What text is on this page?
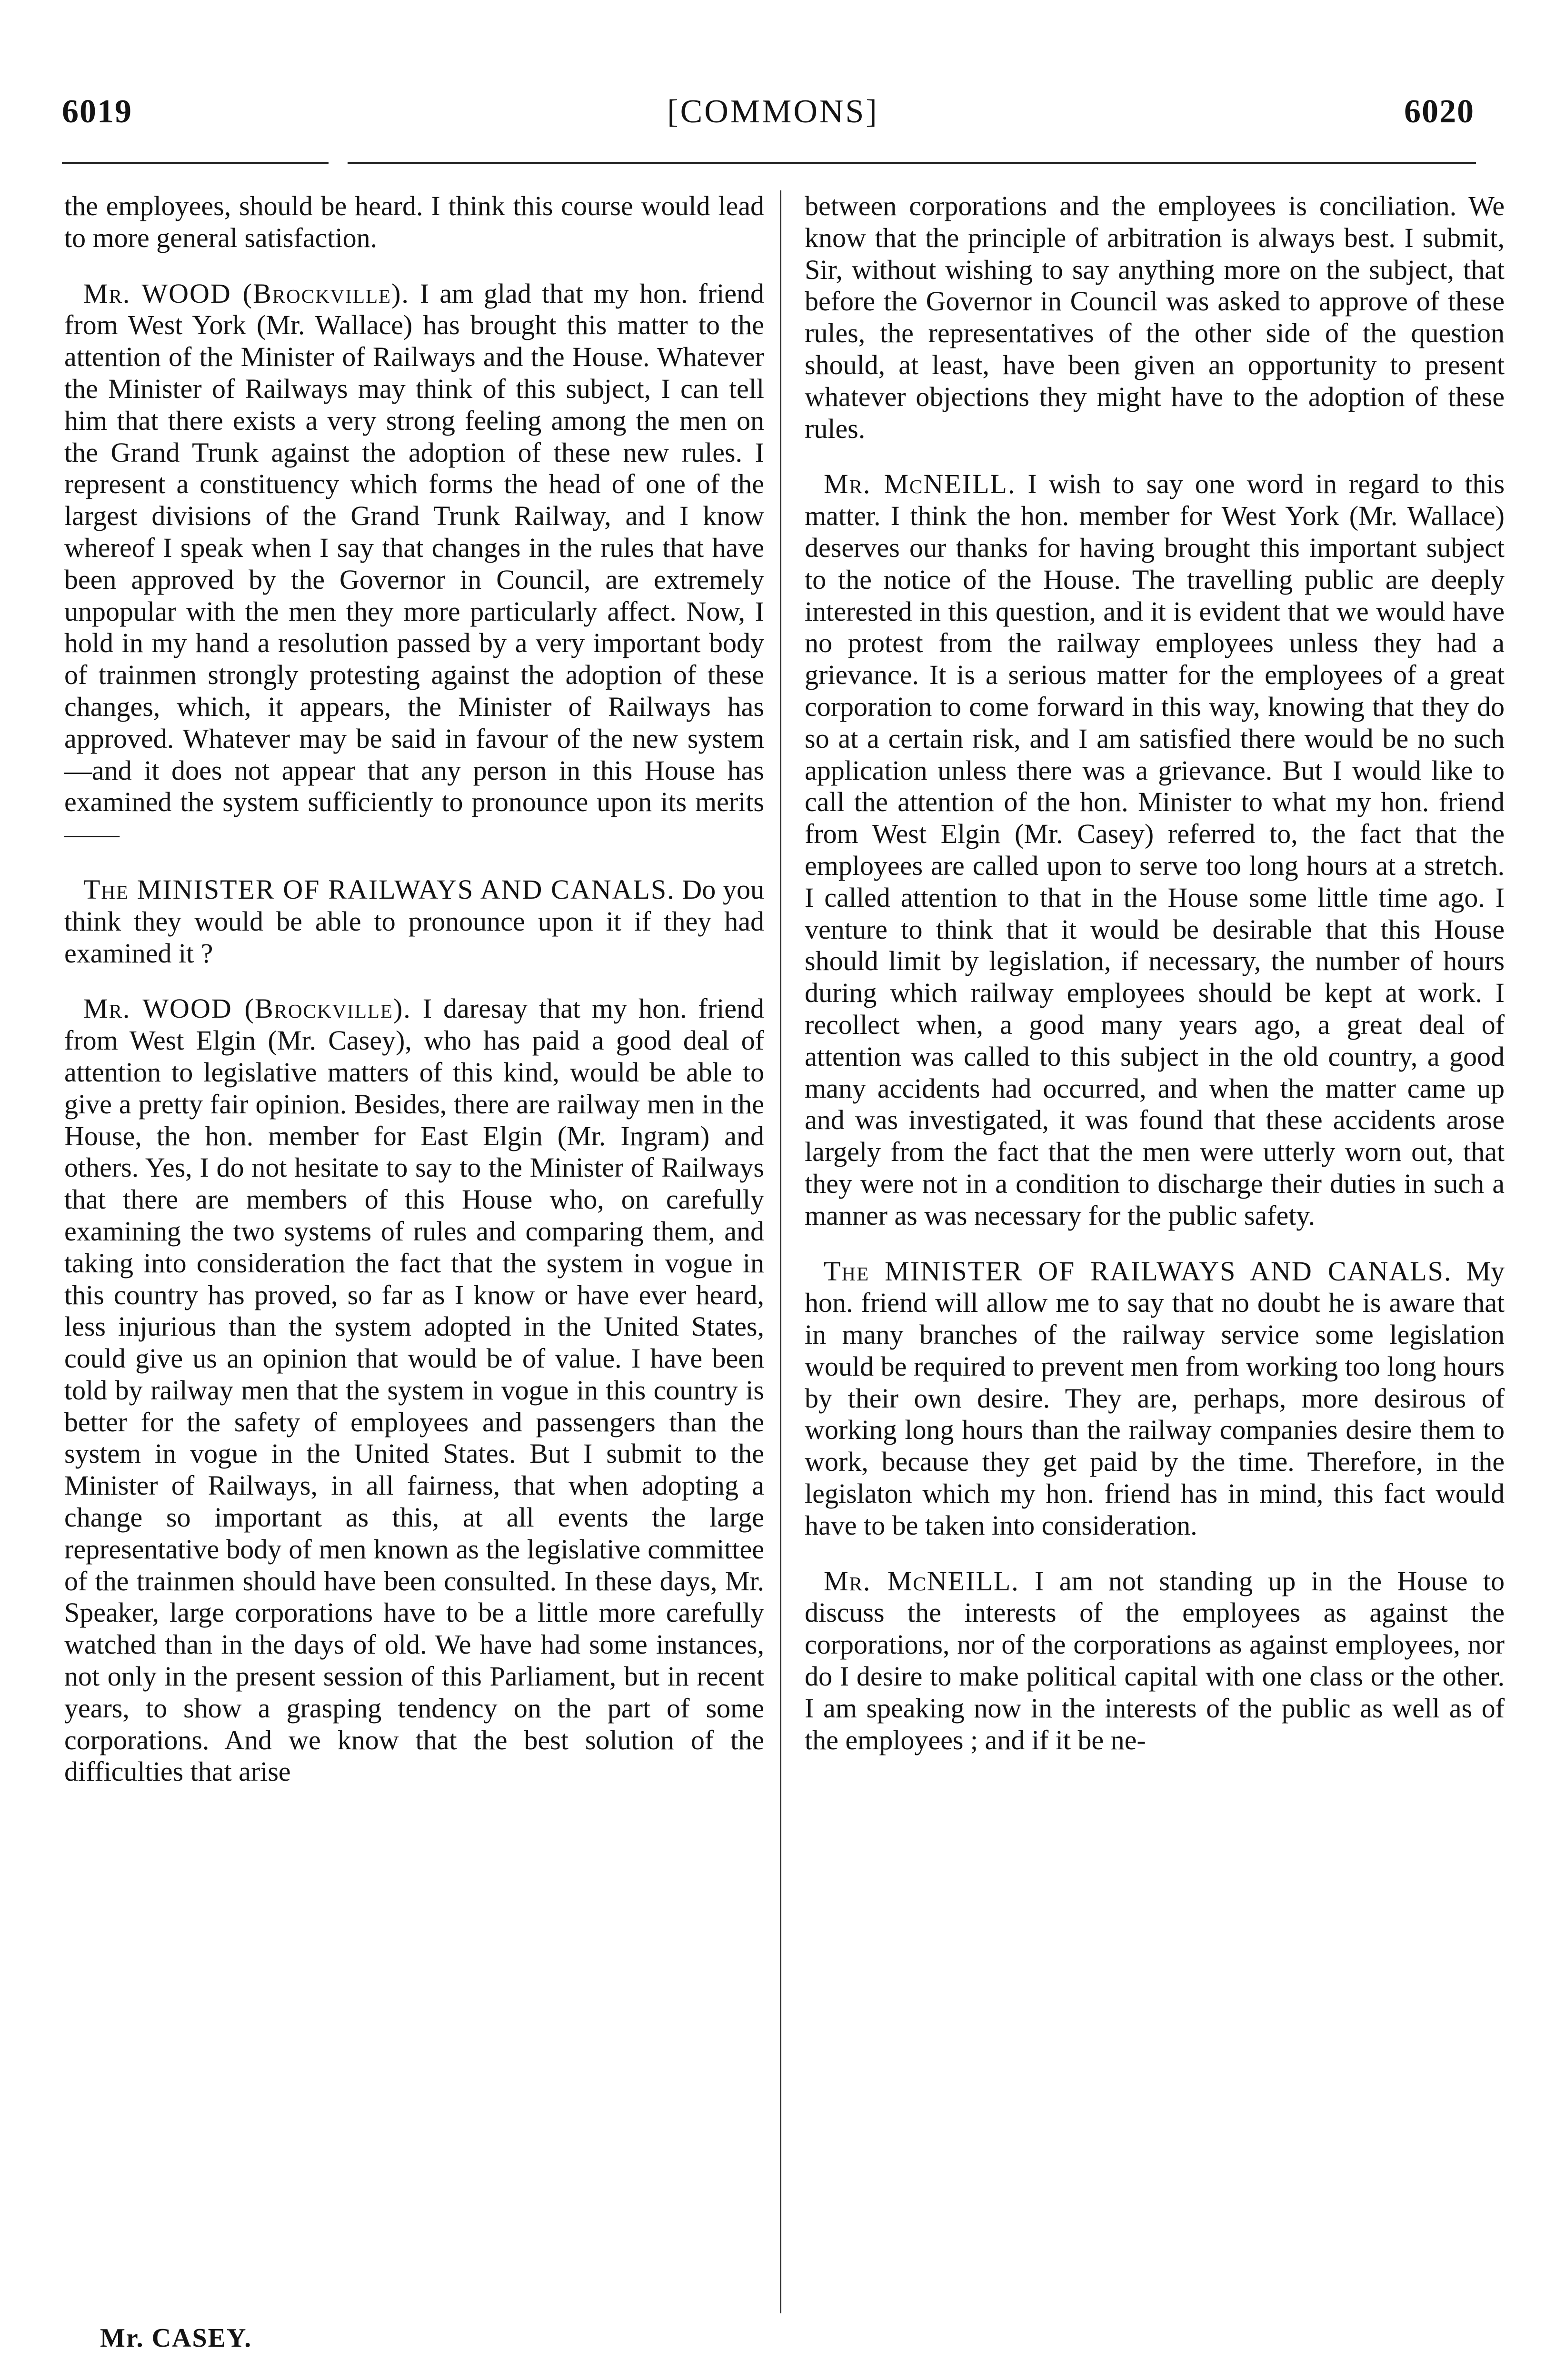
6019	[COMMONS]	6020

the employees, should be heard. I think this course would lead to more general satisfaction.

Mr. WOOD (Brockville). I am glad that my hon. friend from West York (Mr. Wallace) has brought this matter to the attention of the Minister of Railways and the House. Whatever the Minister of Railways may think of this subject, I can tell him that there exists a very strong feeling among the men on the Grand Trunk against the adoption of these new rules. I represent a constituency which forms the head of one of the largest divisions of the Grand Trunk Railway, and I know whereof I speak when I say that changes in the rules that have been approved by the Governor in Council, are extremely unpopular with the men they more particularly affect. Now, I hold in my hand a resolution passed by a very important body of trainmen strongly protesting against the adoption of these changes, which, it appears, the Minister of Railways has approved. Whatever may be said in favour of the new system—and it does not appear that any person in this House has examined the system sufficiently to pronounce upon its merits——

The MINISTER OF RAILWAYS AND CANALS. Do you think they would be able to pronounce upon it if they had examined it ?

Mr. WOOD (Brockville). I daresay that my hon. friend from West Elgin (Mr. Casey), who has paid a good deal of attention to legislative matters of this kind, would be able to give a pretty fair opinion. Besides, there are railway men in the House, the hon. member for East Elgin (Mr. Ingram) and others. Yes, I do not hesitate to say to the Minister of Railways that there are members of this House who, on carefully examining the two systems of rules and comparing them, and taking into consideration the fact that the system in vogue in this country has proved, so far as I know or have ever heard, less injurious than the system adopted in the United States, could give us an opinion that would be of value. I have been told by railway men that the system in vogue in this country is better for the safety of employees and passengers than the system in vogue in the United States. But I submit to the Minister of Railways, in all fairness, that when adopting a change so important as this, at all events the large representative body of men known as the legislative committee of the trainmen should have been consulted. In these days, Mr. Speaker, large corporations have to be a little more carefully watched than in the days of old. We have had some instances, not only in the present session of this Parliament, but in recent years, to show a grasping tendency on the part of some corporations. And we know that the best solution of the difficulties that arise

between corporations and the employees is conciliation. We know that the principle of arbitration is always best. I submit, Sir, without wishing to say anything more on the subject, that before the Governor in Council was asked to approve of these rules, the representatives of the other side of the question should, at least, have been given an opportunity to present whatever objections they might have to the adoption of these rules.

Mr. McNEILL. I wish to say one word in regard to this matter. I think the hon. member for West York (Mr. Wallace) deserves our thanks for having brought this important subject to the notice of the House. The travelling public are deeply interested in this question, and it is evident that we would have no protest from the railway employees unless they had a grievance. It is a serious matter for the employees of a great corporation to come forward in this way, knowing that they do so at a certain risk, and I am satisfied there would be no such application unless there was a grievance. But I would like to call the attention of the hon. Minister to what my hon. friend from West Elgin (Mr. Casey) referred to, the fact that the employees are called upon to serve too long hours at a stretch. I called attention to that in the House some little time ago. I venture to think that it would be desirable that this House should limit by legislation, if necessary, the number of hours during which railway employees should be kept at work. I recollect when, a good many years ago, a great deal of attention was called to this subject in the old country, a good many accidents had occurred, and when the matter came up and was investigated, it was found that these accidents arose largely from the fact that the men were utterly worn out, that they were not in a condition to discharge their duties in such a manner as was necessary for the public safety.

The MINISTER OF RAILWAYS AND CANALS. My hon. friend will allow me to say that no doubt he is aware that in many branches of the railway service some legislation would be required to prevent men from working too long hours by their own desire. They are, perhaps, more desirous of working long hours than the railway companies desire them to work, because they get paid by the time. Therefore, in the legislaton which my hon. friend has in mind, this fact would have to be taken into consideration.

Mr. McNEILL. I am not standing up in the House to discuss the interests of the employees as against the corporations, nor of the corporations as against employees, nor do I desire to make political capital with one class or the other. I am speaking now in the interests of the public as well as of the employees ; and if it be ne-

Mr. CASEY.
